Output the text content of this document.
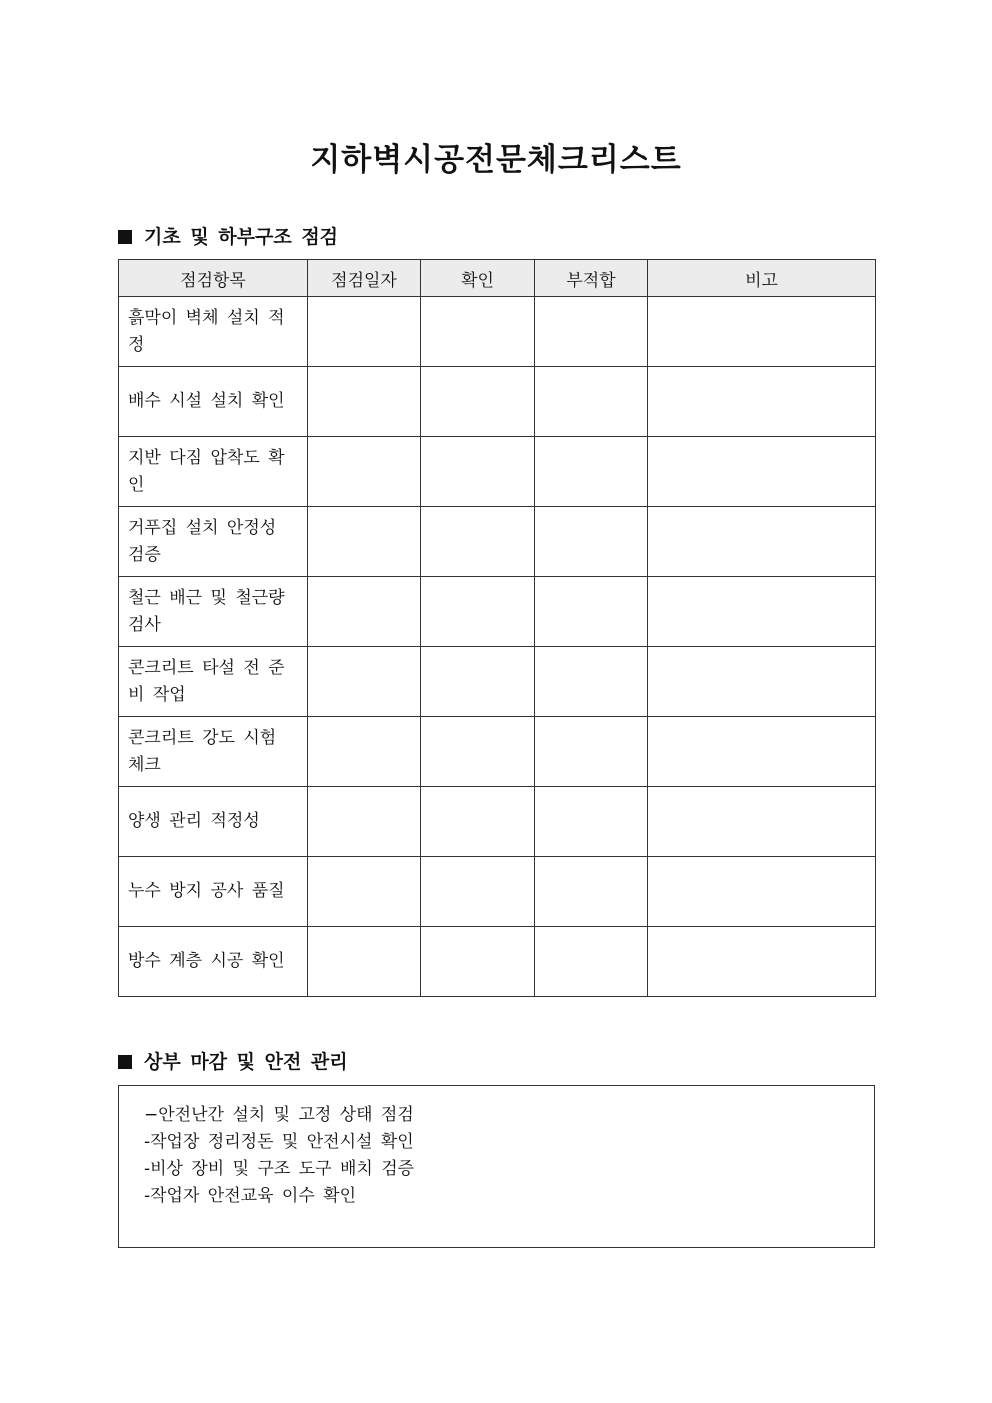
지하벽시공전문체크리스트
기초 및 하부구조 점검
점검항목	점검일자	확인	부적합	비고
흙막이 벽체 설치 적정				
배수 시설 설치 확인				
지반 다짐 압착도 확인				
거푸집 설치 안정성 검증				
철근 배근 및 철근량 검사				
콘크리트 타설 전 준비 작업				
콘크리트 강도 시험 체크				
양생 관리 적정성				
누수 방지 공사 품질				
방수 계층 시공 확인				
상부 마감 및 안전 관리
−안전난간 설치 및 고정 상태 점검
-작업장 정리정돈 및 안전시설 확인
-비상 장비 및 구조 도구 배치 검증
-작업자 안전교육 이수 확인
